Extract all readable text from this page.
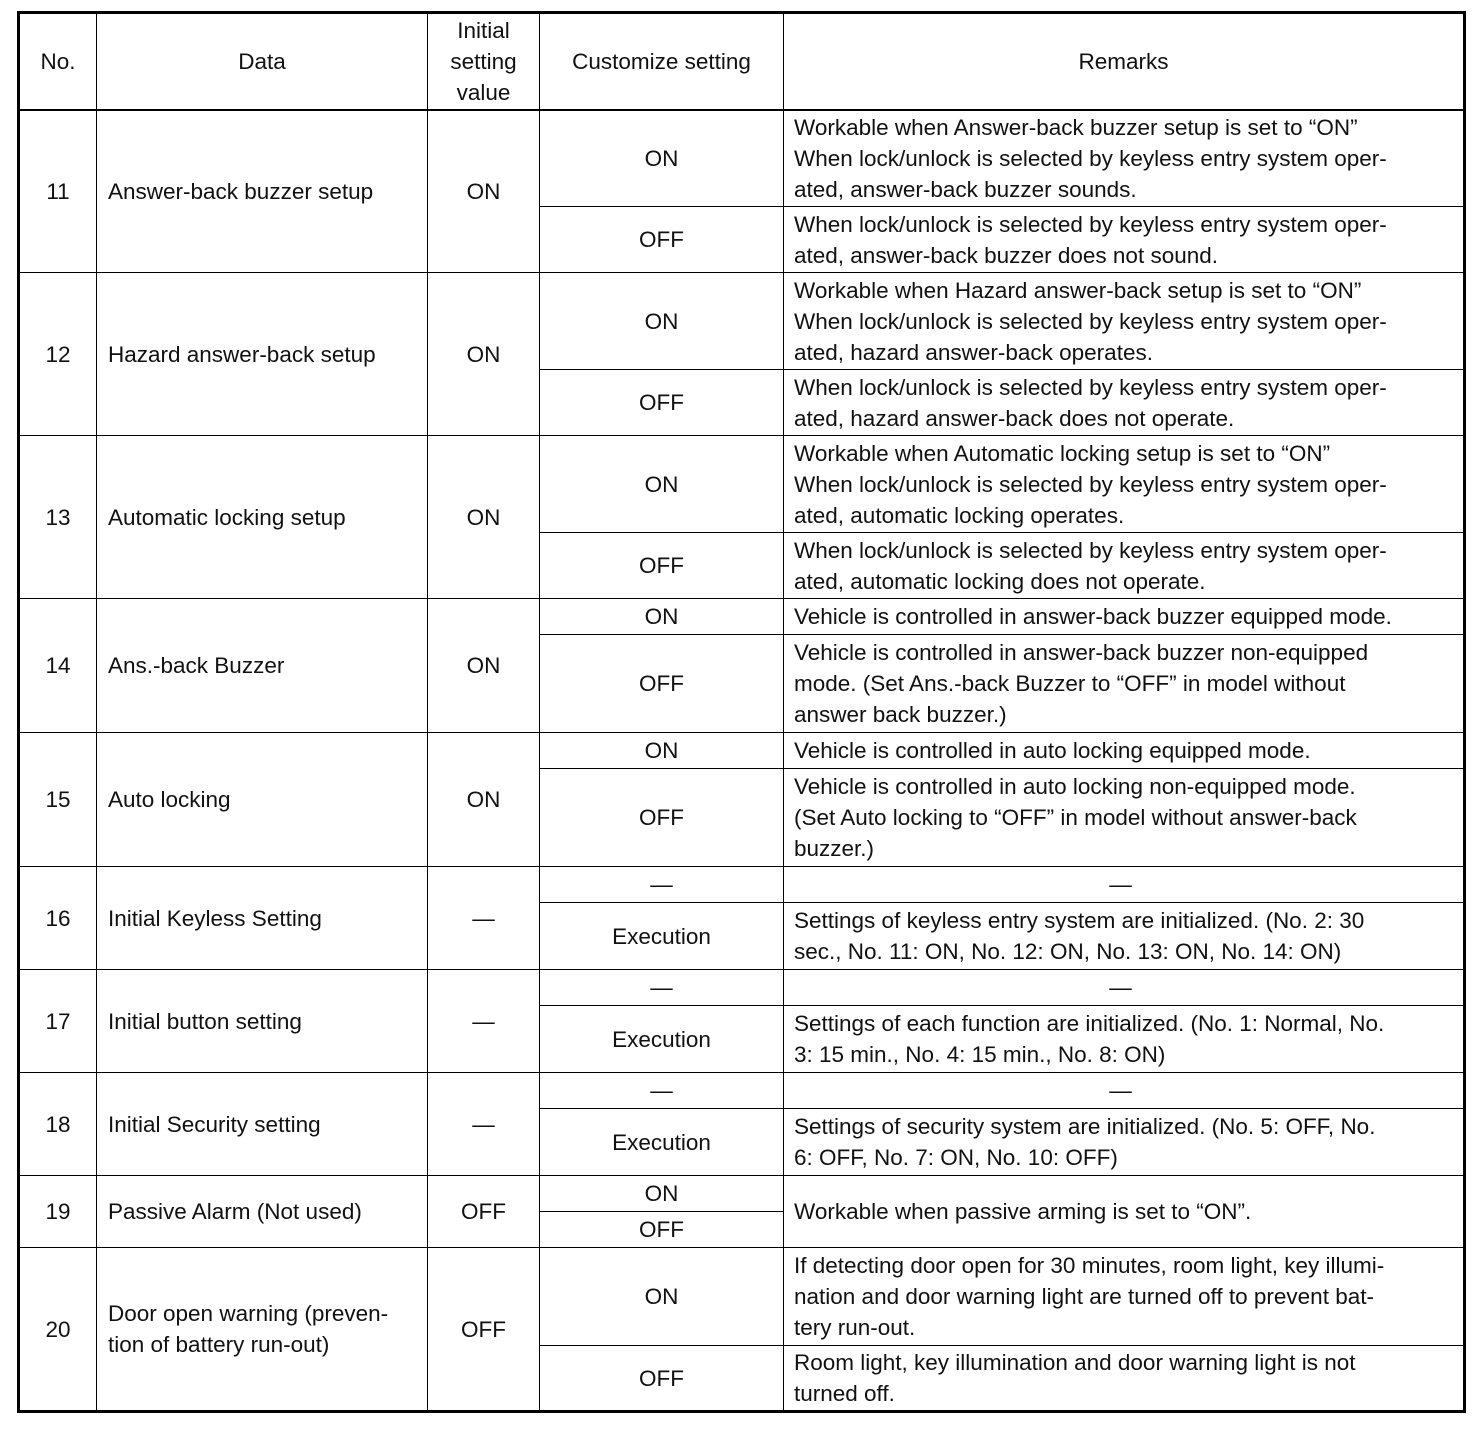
No.	Data	Initial
setting
value	Customize setting	Remarks
11	Answer-back buzzer setup	ON	ON	Workable when Answer-back buzzer setup is set to “ON”
When lock/unlock is selected by keyless entry system oper-
ated, answer-back buzzer sounds.

			OFF	When lock/unlock is selected by keyless entry system oper-
ated, answer-back buzzer does not sound.

12	Hazard answer-back setup	ON	ON	Workable when Hazard answer-back setup is set to “ON”
When lock/unlock is selected by keyless entry system oper-
ated, hazard answer-back operates.

			OFF	When lock/unlock is selected by keyless entry system oper-
ated, hazard answer-back does not operate.

13	Automatic locking setup	ON	ON	Workable when Automatic locking setup is set to “ON”
When lock/unlock is selected by keyless entry system oper-
ated, automatic locking operates.

			OFF	When lock/unlock is selected by keyless entry system oper-
ated, automatic locking does not operate.

14	Ans.-back Buzzer	ON	ON	Vehicle is controlled in answer-back buzzer equipped mode.

			OFF	Vehicle is controlled in answer-back buzzer non-equipped
mode. (Set Ans.-back Buzzer to “OFF” in model without
answer back buzzer.)

15	Auto locking	ON	ON	Vehicle is controlled in auto locking equipped mode.

			OFF	Vehicle is controlled in auto locking non-equipped mode.
(Set Auto locking to “OFF” in model without answer-back
buzzer.)

16	Initial Keyless Setting	—	—	—

			Execution	Settings of keyless entry system are initialized. (No. 2: 30
sec., No. 11: ON, No. 12: ON, No. 13: ON, No. 14: ON)

17	Initial button setting	—	—	—

			Execution	Settings of each function are initialized. (No. 1: Normal, No.
3: 15 min., No. 4: 15 min., No. 8: ON)

18	Initial Security setting	—	—	—

			Execution	Settings of security system are initialized. (No. 5: OFF, No.
6: OFF, No. 7: ON, No. 10: OFF)

19	Passive Alarm (Not used)	OFF	ON	Workable when passive arming is set to “ON”.
			OFF	
20	Door open warning (preven-
tion of battery run-out)	OFF	ON	If detecting door open for 30 minutes, room light, key illumi-
nation and door warning light are turned off to prevent bat-
tery run-out.

			OFF	Room light, key illumination and door warning light is not
turned off.
